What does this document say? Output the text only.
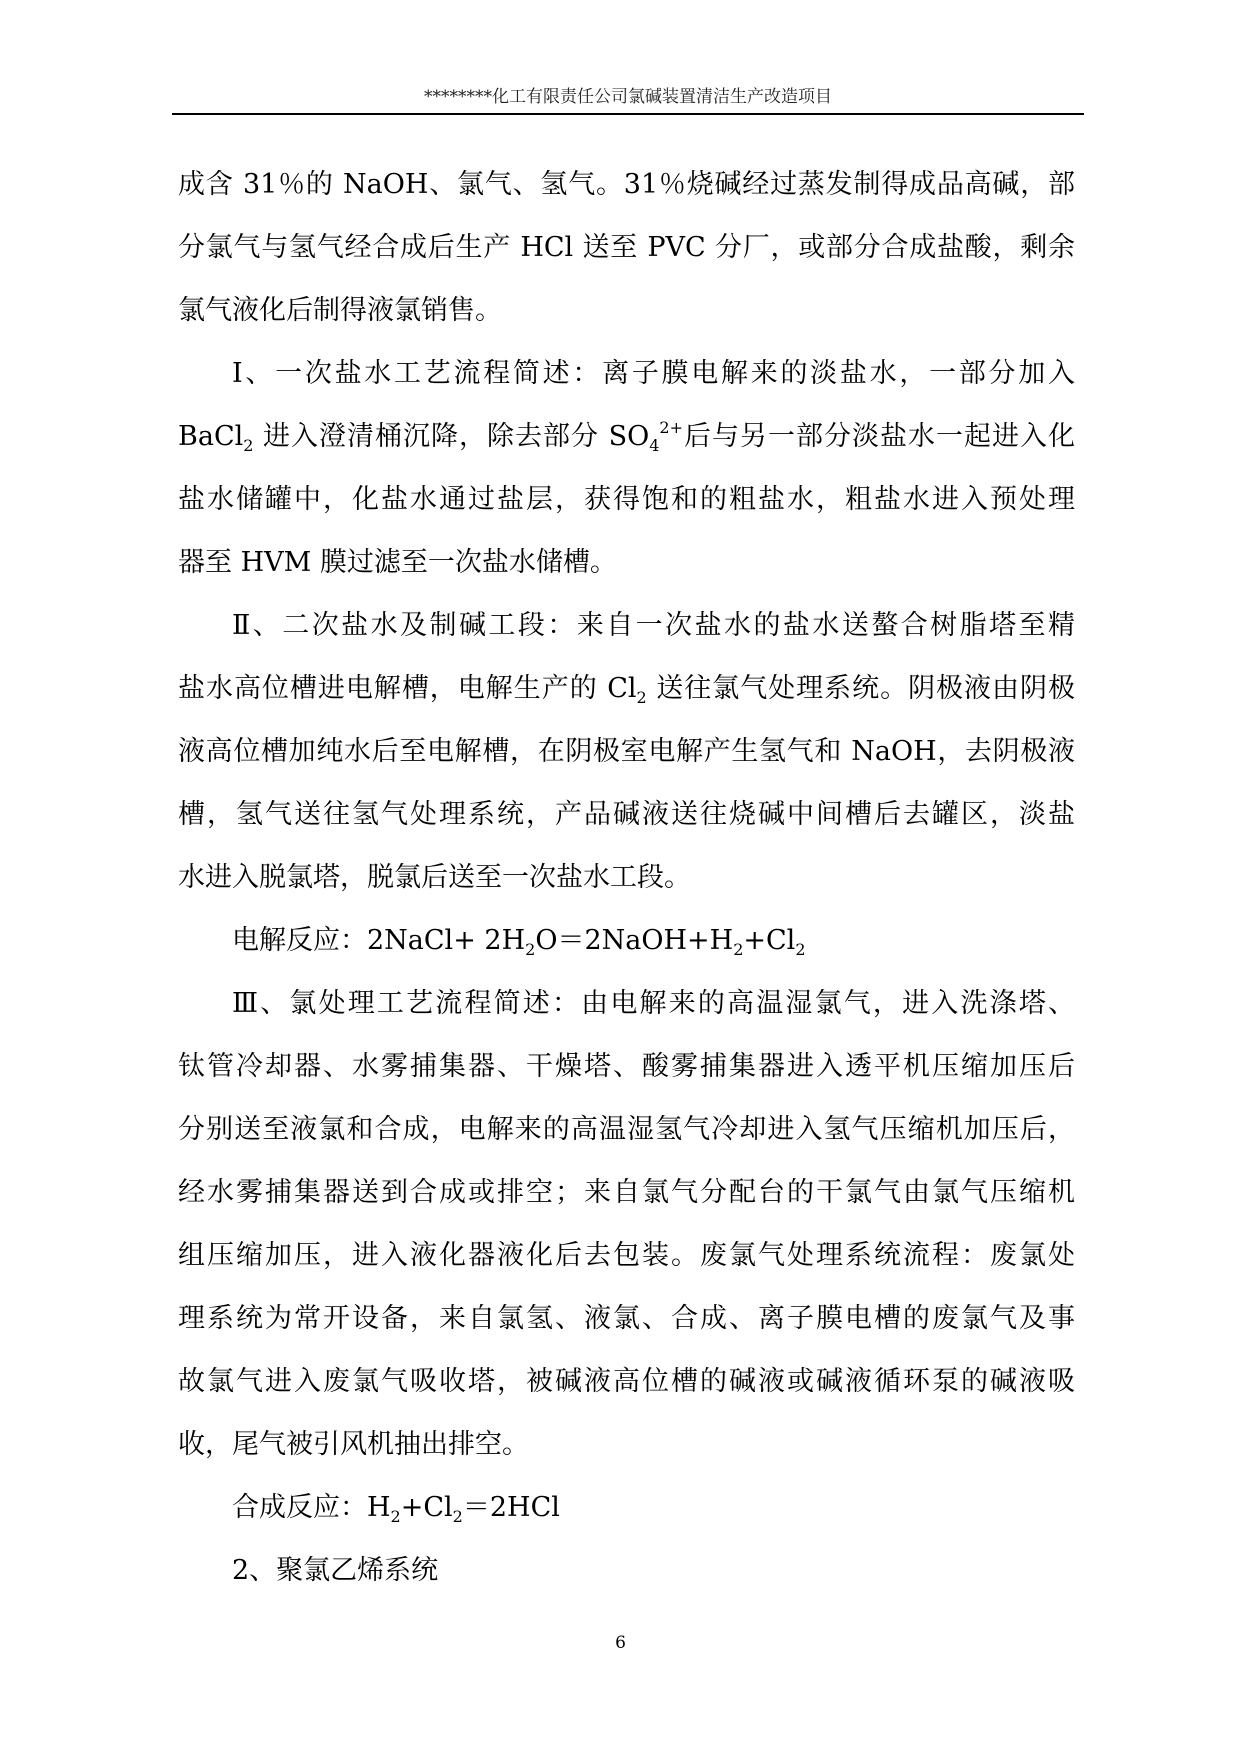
********化工有限责任公司氯碱装置清洁生产改造项目
成含 31％的 NaOH、氯气、氢气。31％烧碱经过蒸发制得成品高碱，部
分氯气与氢气经合成后生产 HCl 送至 PVC 分厂，或部分合成盐酸，剩余
氯气液化后制得液氯销售。
Ⅰ、一次盐水工艺流程简述：离子膜电解来的淡盐水，一部分加入
BaCl$_2$ 进入澄清桶沉降，除去部分 $SO_4^{2+}$后与另一部分淡盐水一起进入化
盐水储罐中，化盐水通过盐层，获得饱和的粗盐水，粗盐水进入预处理
器至 HVM 膜过滤至一次盐水储槽。
Ⅱ、二次盐水及制碱工段：来自一次盐水的盐水送螯合树脂塔至精
盐水高位槽进电解槽，电解生产的 $Cl_2$ 送往氯气处理系统。阴极液由阴极
液高位槽加纯水后至电解槽，在阴极室电解产生氢气和 NaOH，去阴极液
槽，氢气送往氢气处理系统，产品碱液送往烧碱中间槽后去罐区，淡盐
水进入脱氯塔，脱氯后送至一次盐水工段。
电解反应：2NaCl+ $2H_2O=2NaOH+H_2+Cl_2$
Ⅲ、氯处理工艺流程简述：由电解来的高温湿氯气，进入洗涤塔、
钛管冷却器、水雾捕集器、干燥塔、酸雾捕集器进入透平机压缩加压后
分别送至液氯和合成，电解来的高温湿氢气冷却进入氢气压缩机加压后，
经水雾捕集器送到合成或排空；来自氯气分配台的干氯气由氯气压缩机
组压缩加压，进入液化器液化后去包装。废氯气处理系统流程：废氯处
理系统为常开设备，来自氯氢、液氯、合成、离子膜电槽的废氯气及事
故氯气进入废氯气吸收塔，被碱液高位槽的碱液或碱液循环泵的碱液吸
收，尾气被引风机抽出排空。
合成反应：$H_2+Cl_2=2HCl$
2、聚氯乙烯系统
6
